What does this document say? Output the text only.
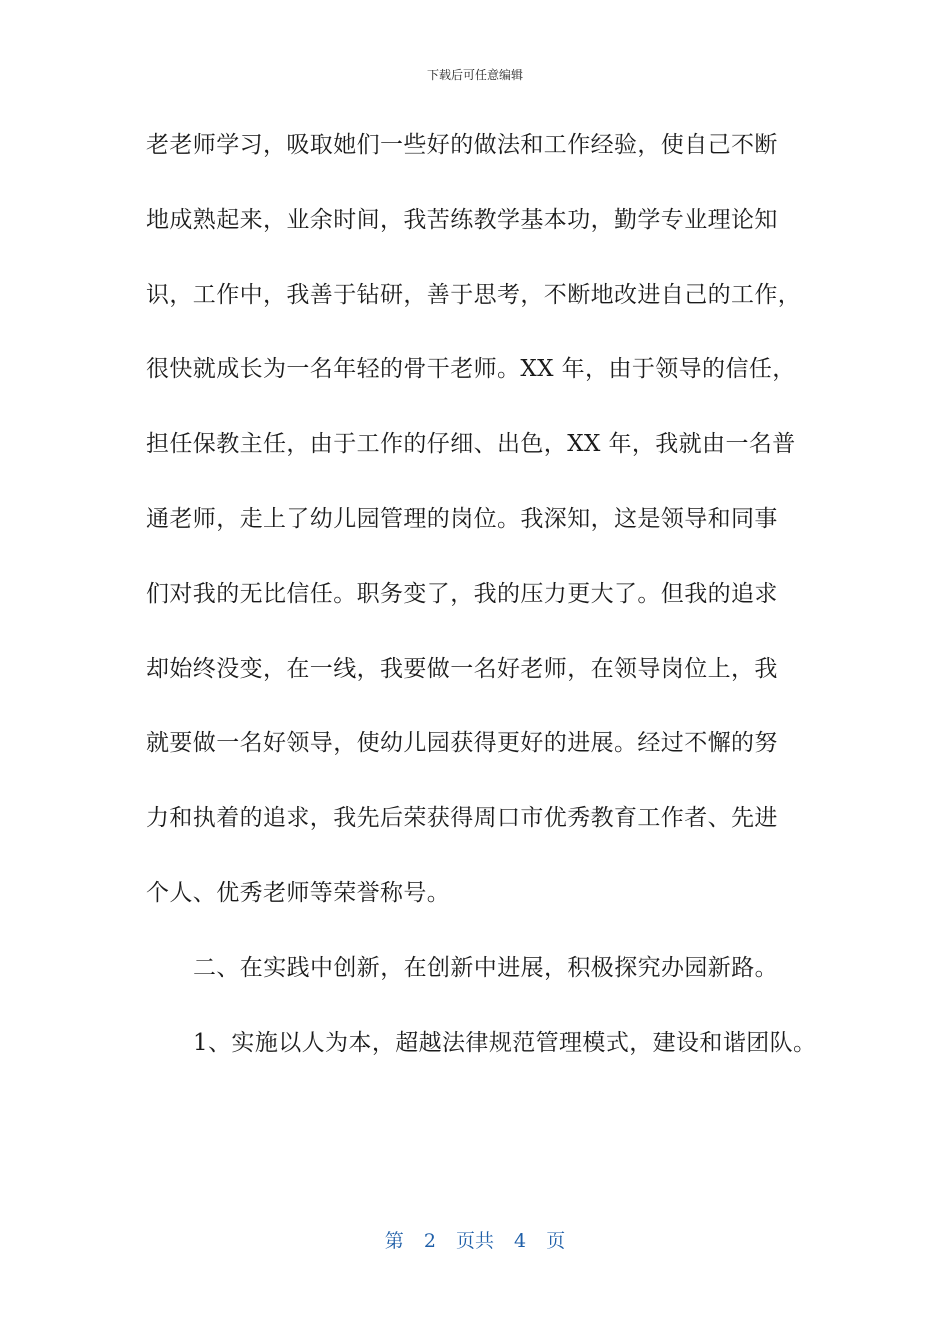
下载后可任意编辑
老老师学习，吸取她们一些好的做法和工作经验，使自己不断
地成熟起来，业余时间，我苦练教学基本功，勤学专业理论知
识，工作中，我善于钻研，善于思考，不断地改进自己的工作，
很快就成长为一名年轻的骨干老师。XX 年，由于领导的信任，
担任保教主任，由于工作的仔细、出色，XX 年，我就由一名普
通老师，走上了幼儿园管理的岗位。我深知，这是领导和同事
们对我的无比信任。职务变了，我的压力更大了。但我的追求
却始终没变，在一线，我要做一名好老师，在领导岗位上，我
就要做一名好领导，使幼儿园获得更好的进展。经过不懈的努
力和执着的追求，我先后荣获得周口市优秀教育工作者、先进
个人、优秀老师等荣誉称号。
二、在实践中创新，在创新中进展，积极探究办园新路。
1、实施以人为本，超越法律规范管理模式，建设和谐团队。
第 2 页共 4 页
